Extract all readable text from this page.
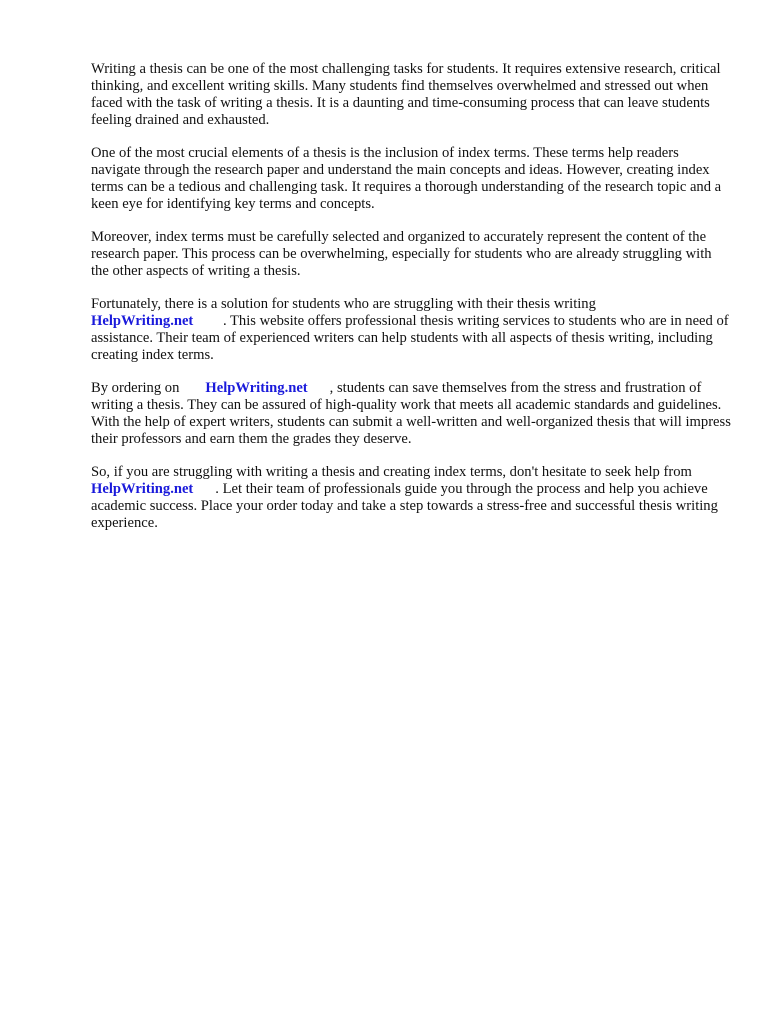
Writing a thesis can be one of the most challenging tasks for students. It requires extensive research, critical thinking, and excellent writing skills. Many students find themselves overwhelmed and stressed out when faced with the task of writing a thesis. It is a daunting and time-consuming process that can leave students feeling drained and exhausted.

One of the most crucial elements of a thesis is the inclusion of index terms. These terms help readers navigate through the research paper and understand the main concepts and ideas. However, creating index terms can be a tedious and challenging task. It requires a thorough understanding of the research topic and a keen eye for identifying key terms and concepts.

Moreover, index terms must be carefully selected and organized to accurately represent the content of the research paper. This process can be overwhelming, especially for students who are already struggling with the other aspects of writing a thesis.

Fortunately, there is a solution for students who are struggling with their thesis writing
HelpWriting.net . This website offers professional thesis writing services to students who are in need of assistance. Their team of experienced writers can help students with all aspects of thesis writing, including creating index terms.

By ordering on HelpWriting.net , students can save themselves from the stress and frustration of writing a thesis. They can be assured of high-quality work that meets all academic standards and guidelines. With the help of expert writers, students can submit a well-written and well-organized thesis that will impress their professors and earn them the grades they deserve.

So, if you are struggling with writing a thesis and creating index terms, don't hesitate to seek help fromHelpWriting.net . Let their team of professionals guide you through the process and help you achieve academic success. Place your order today and take a step towards a stress-free and successful thesis writing experience.
